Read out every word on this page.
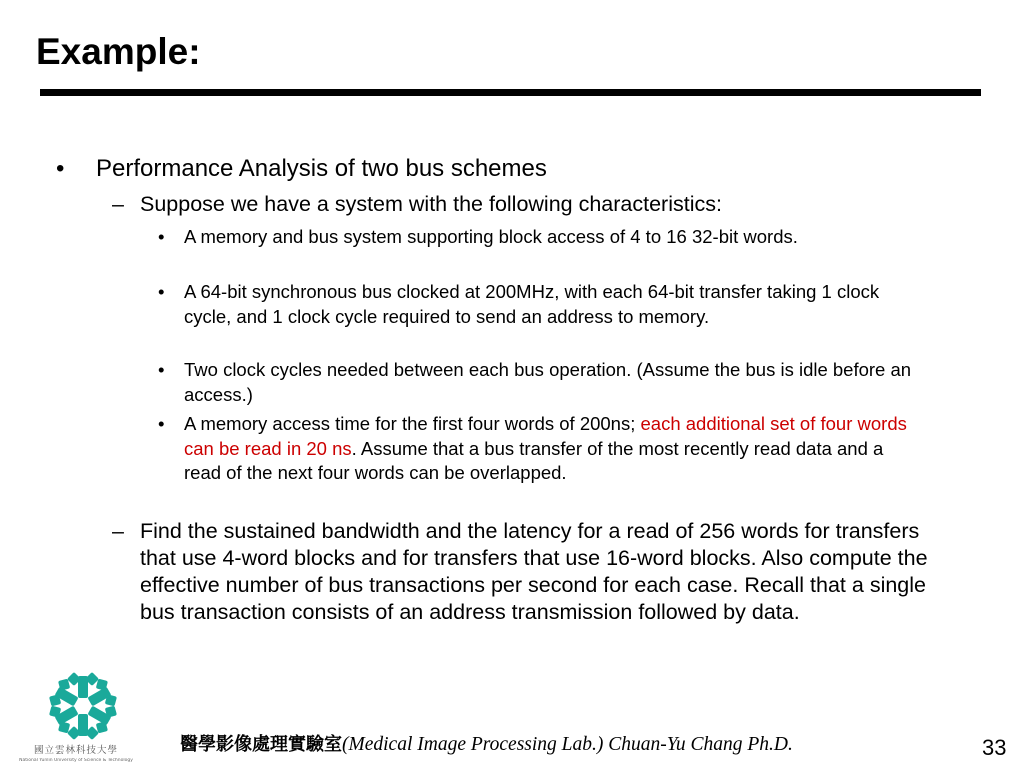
Example:
• Performance Analysis of two bus schemes
– Suppose we have a system with the following characteristics:
• A memory and bus system supporting block access of 4 to 16 32-bit words.
• A 64-bit synchronous bus clocked at 200MHz, with each 64-bit transfer taking 1 clock cycle, and 1 clock cycle required to send an address to memory.
• Two clock cycles needed between each bus operation. (Assume the bus is idle before an access.)
• A memory access time for the first four words of 200ns; each additional set of four words can be read in 20 ns. Assume that a bus transfer of the most recently read data and a read of the next four words can be overlapped.
– Find the sustained bandwidth and the latency for a read of 256 words for transfers that use 4-word blocks and for transfers that use 16-word blocks. Also compute the effective number of bus transactions per second for each case. Recall that a single bus transaction consists of an address transmission followed by data.
國立雲林科技大學
National Yunlin University of Science & Technology
醫學影像處理實驗室(Medical Image Processing Lab.) Chuan-Yu Chang Ph.D.	33
